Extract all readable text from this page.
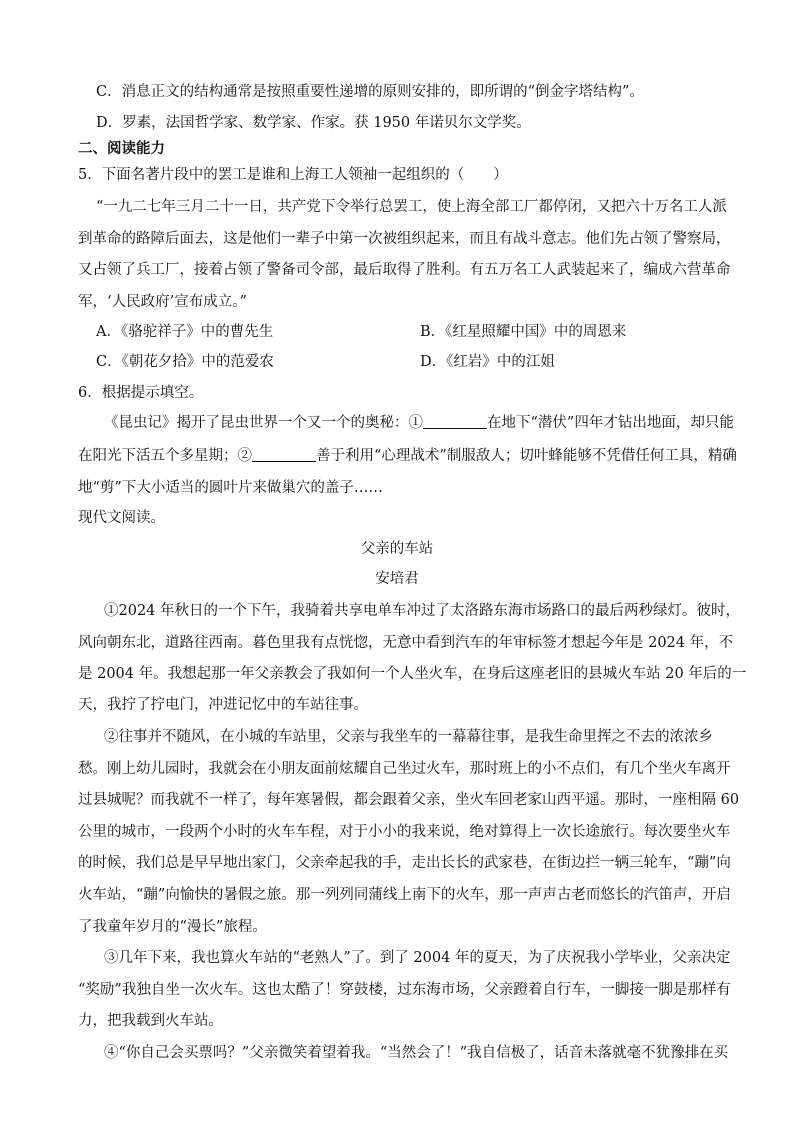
C．消息正文的结构通常是按照重要性递增的原则安排的，即所谓的“倒金字塔结构”。
D．罗素，法国哲学家、数学家、作家。获 1950 年诺贝尔文学奖。
二、阅读能力
5．下面名著片段中的罢工是谁和上海工人领袖一起组织的（　　）
“一九二七年三月二十一日，共产党下令举行总罢工，使上海全部工厂都停闭，又把六十万名工人派
到革命的路障后面去，这是他们一辈子中第一次被组织起来，而且有战斗意志。他们先占领了警察局，
又占领了兵工厂，接着占领了警备司令部，最后取得了胜利。有五万名工人武装起来了，编成六营革命
军，‘人民政府’宣布成立。”
A．《骆驼祥子》中的曹先生	B．《红星照耀中国》中的周恩来
C．《朝花夕拾》中的范爱农	D．《红岩》中的江姐
6．根据提示填空。
《昆虫记》揭开了昆虫世界一个又一个的奥秘：①	在地下“潜伏”四年才钻出地面，却只能
在阳光下活五个多星期；②	善于利用“心理战术”制服敌人；切叶蜂能够不凭借任何工具，精确
地“剪”下大小适当的圆叶片来做巢穴的盖子……
现代文阅读。
父亲的车站
安培君
①2024 年秋日的一个下午，我骑着共享电单车冲过了太洛路东海市场路口的最后两秒绿灯。彼时，
风向朝东北，道路往西南。暮色里我有点恍惚，无意中看到汽车的年审标签才想起今年是 2024 年，不
是 2004 年。我想起那一年父亲教会了我如何一个人坐火车，在身后这座老旧的县城火车站 20 年后的一
天，我拧了拧电门，冲进记忆中的车站往事。
②往事并不随风，在小城的车站里，父亲与我坐车的一幕幕往事，是我生命里挥之不去的浓浓乡
愁。刚上幼儿园时，我就会在小朋友面前炫耀自己坐过火车，那时班上的小不点们，有几个坐火车离开
过县城呢？而我就不一样了，每年寒暑假，都会跟着父亲，坐火车回老家山西平遥。那时，一座相隔 60
公里的城市，一段两个小时的火车车程，对于小小的我来说，绝对算得上一次长途旅行。每次要坐火车
的时候，我们总是早早地出家门，父亲牵起我的手，走出长长的武家巷，在街边拦一辆三轮车，“蹦”向
火车站，“蹦”向愉快的暑假之旅。那一列列同蒲线上南下的火车，那一声声古老而悠长的汽笛声，开启
了我童年岁月的“漫长”旅程。
③几年下来，我也算火车站的“老熟人”了。到了 2004 年的夏天，为了庆祝我小学毕业，父亲决定
“奖励”我独自坐一次火车。这也太酷了！穿鼓楼，过东海市场，父亲蹬着自行车，一脚接一脚是那样有
力，把我载到火车站。
④“你自己会买票吗？”父亲微笑着望着我。“当然会了！”我自信极了，话音未落就毫不犹豫排在买
